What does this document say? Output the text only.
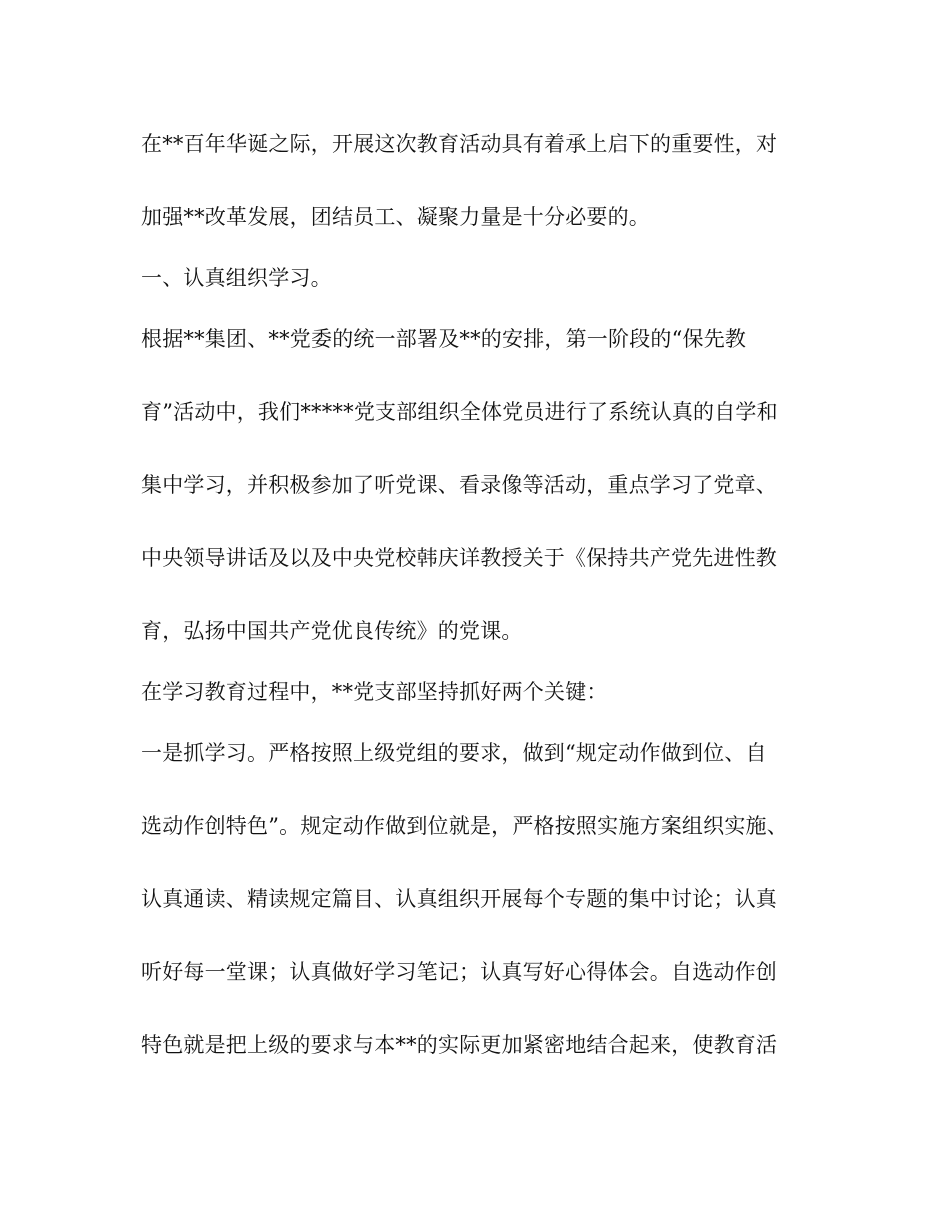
在**百年华诞之际，开展这次教育活动具有着承上启下的重要性，对
加强**改革发展，团结员工、凝聚力量是十分必要的。
一、认真组织学习。
根据**集团、**党委的统一部署及**的安排，第一阶段的“保先教
育”活动中，我们*****党支部组织全体党员进行了系统认真的自学和
集中学习，并积极参加了听党课、看录像等活动，重点学习了党章、
中央领导讲话及以及中央党校韩庆详教授关于《保持共产党先进性教
育，弘扬中国共产党优良传统》的党课。
在学习教育过程中，**党支部坚持抓好两个关键：
一是抓学习。严格按照上级党组的要求，做到“规定动作做到位、自
选动作创特色”。规定动作做到位就是，严格按照实施方案组织实施、
认真通读、精读规定篇目、认真组织开展每个专题的集中讨论；认真
听好每一堂课；认真做好学习笔记；认真写好心得体会。自选动作创
特色就是把上级的要求与本**的实际更加紧密地结合起来，使教育活
